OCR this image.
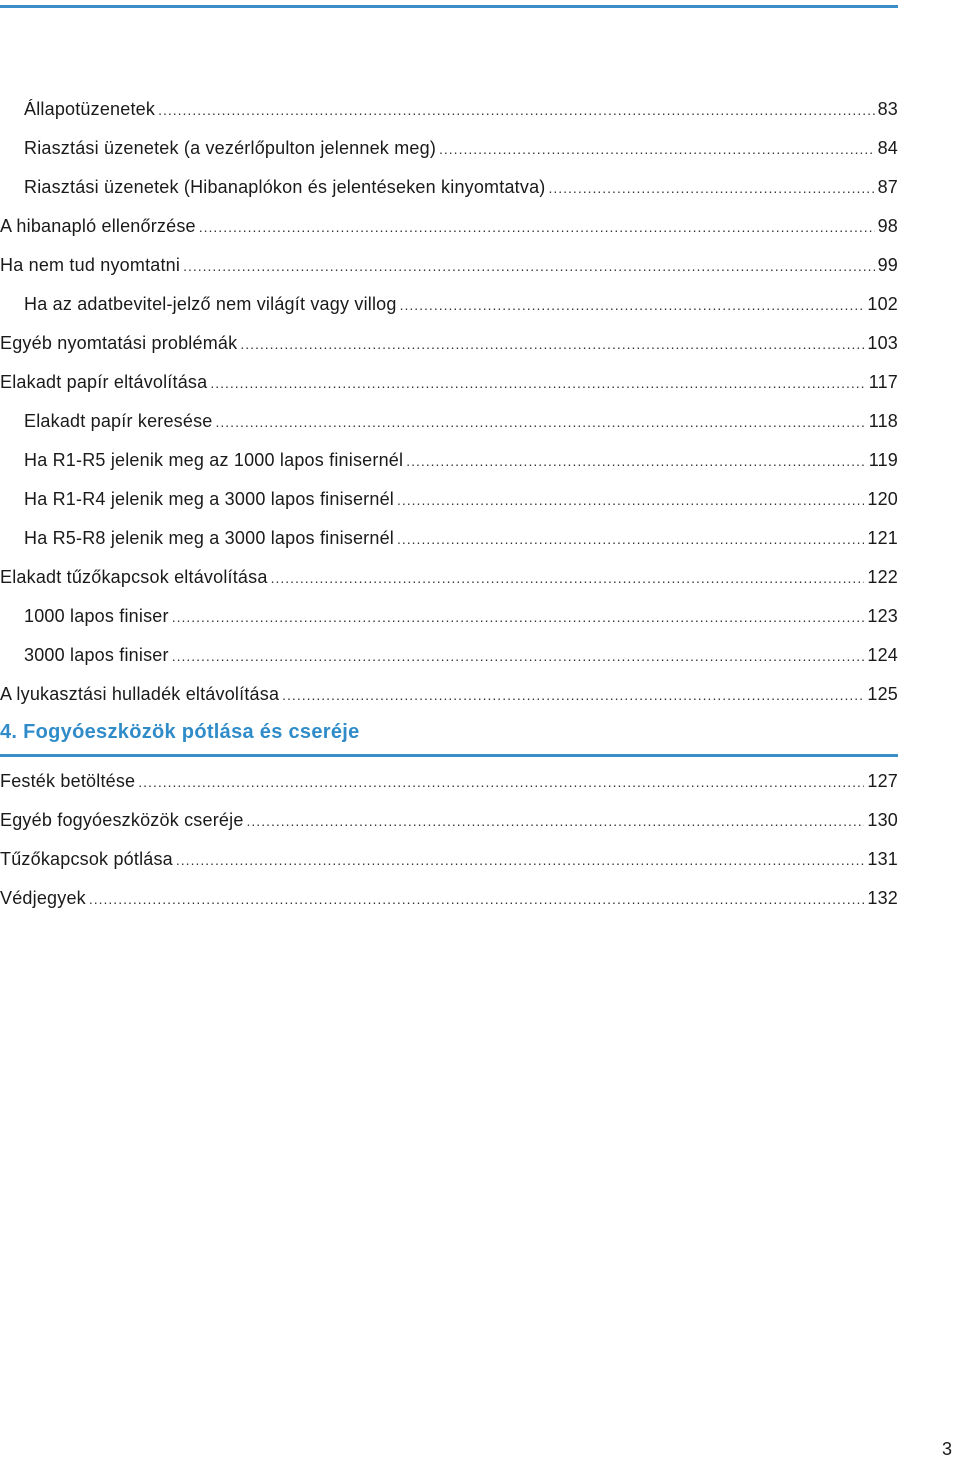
Állapotüzenetek .....	83
Riasztási üzenetek (a vezérlőpulton jelennek meg) .....	84
Riasztási üzenetek (Hibanaplókon és jelentéseken kinyomtatva) .....	87
A hibanapló ellenőrzése .....	98
Ha nem tud nyomtatni .....	99
Ha az adatbevitel-jelző nem világít vagy villog .....	102
Egyéb nyomtatási problémák .....	103
Elakadt papír eltávolítása .....	117
Elakadt papír keresése .....	118
Ha R1-R5 jelenik meg az 1000 lapos finisernél .....	119
Ha R1-R4 jelenik meg a 3000 lapos finisernél .....	120
Ha R5-R8 jelenik meg a 3000 lapos finisernél .....	121
Elakadt tűzőkapcsok eltávolítása .....	122
1000 lapos finiser .....	123
3000 lapos finiser .....	124
A lyukasztási hulladék eltávolítása .....	125
4. Fogyóeszközök pótlása és cseréje
Festék betöltése .....	127
Egyéb fogyóeszközök cseréje .....	130
Tűzőkapcsok pótlása .....	131
Védjegyek .....	132
3
